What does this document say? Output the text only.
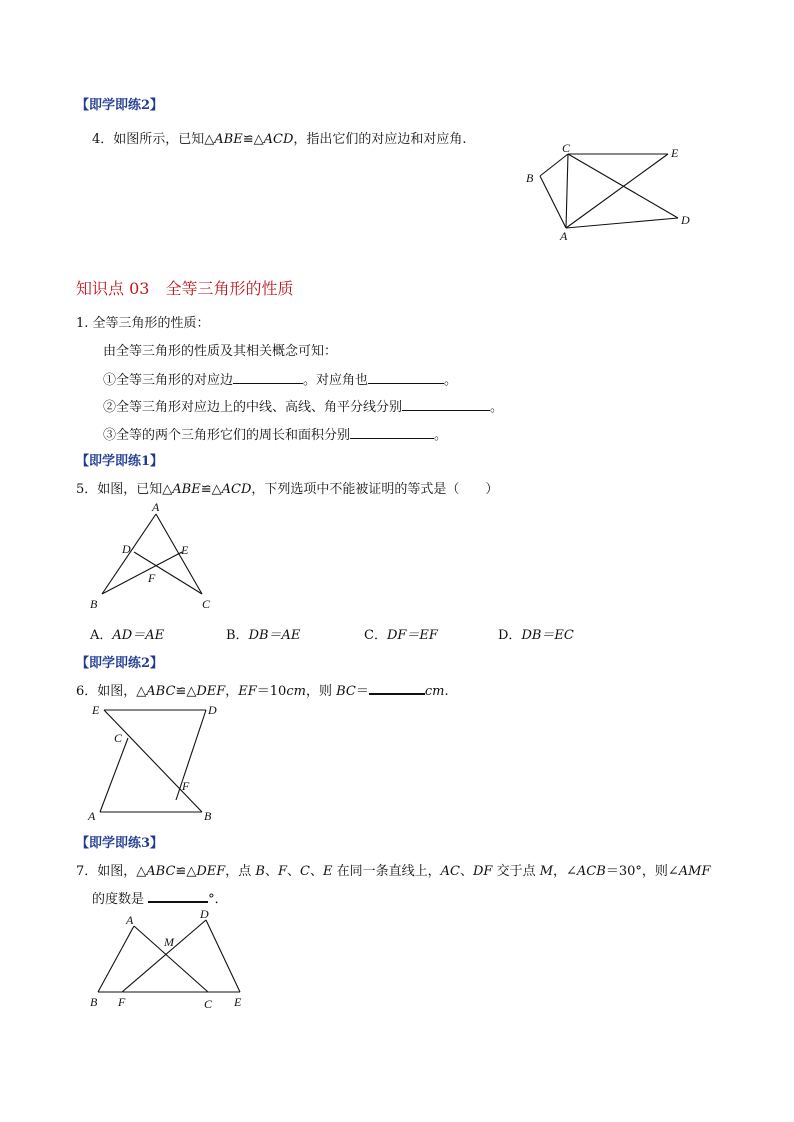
【即学即练2】
4．如图所示，已知△ABE≌△ACD，指出它们的对应边和对应角.
C	E
B
D
A
知识点 03　全等三角形的性质
1. 全等三角形的性质：
由全等三角形的性质及其相关概念可知：
①全等三角形的对应边	。对应角也	。
②全等三角形对应边上的中线、高线、角平分线分别	。
③全等的两个三角形它们的周长和面积分别	。
【即学即练1】
5．如图，已知△ABE≌△ACD，下列选项中不能被证明的等式是（　　）
A
D	E
F
B	C
A．AD＝AE	B．DB＝AE	C．DF＝EF	D．DB＝EC
【即学即练2】
6．如图，△ABC≌△DEF，EF＝10cm，则 BC＝	cm.
E	D
C
F
A	B
【即学即练3】
7．如图，△ABC≌△DEF，点 B、F、C、E 在同一条直线上，AC、DF 交于点 M，∠ACB＝30°，则∠AMF
的度数是	°．
A	D
M
B F	C E
